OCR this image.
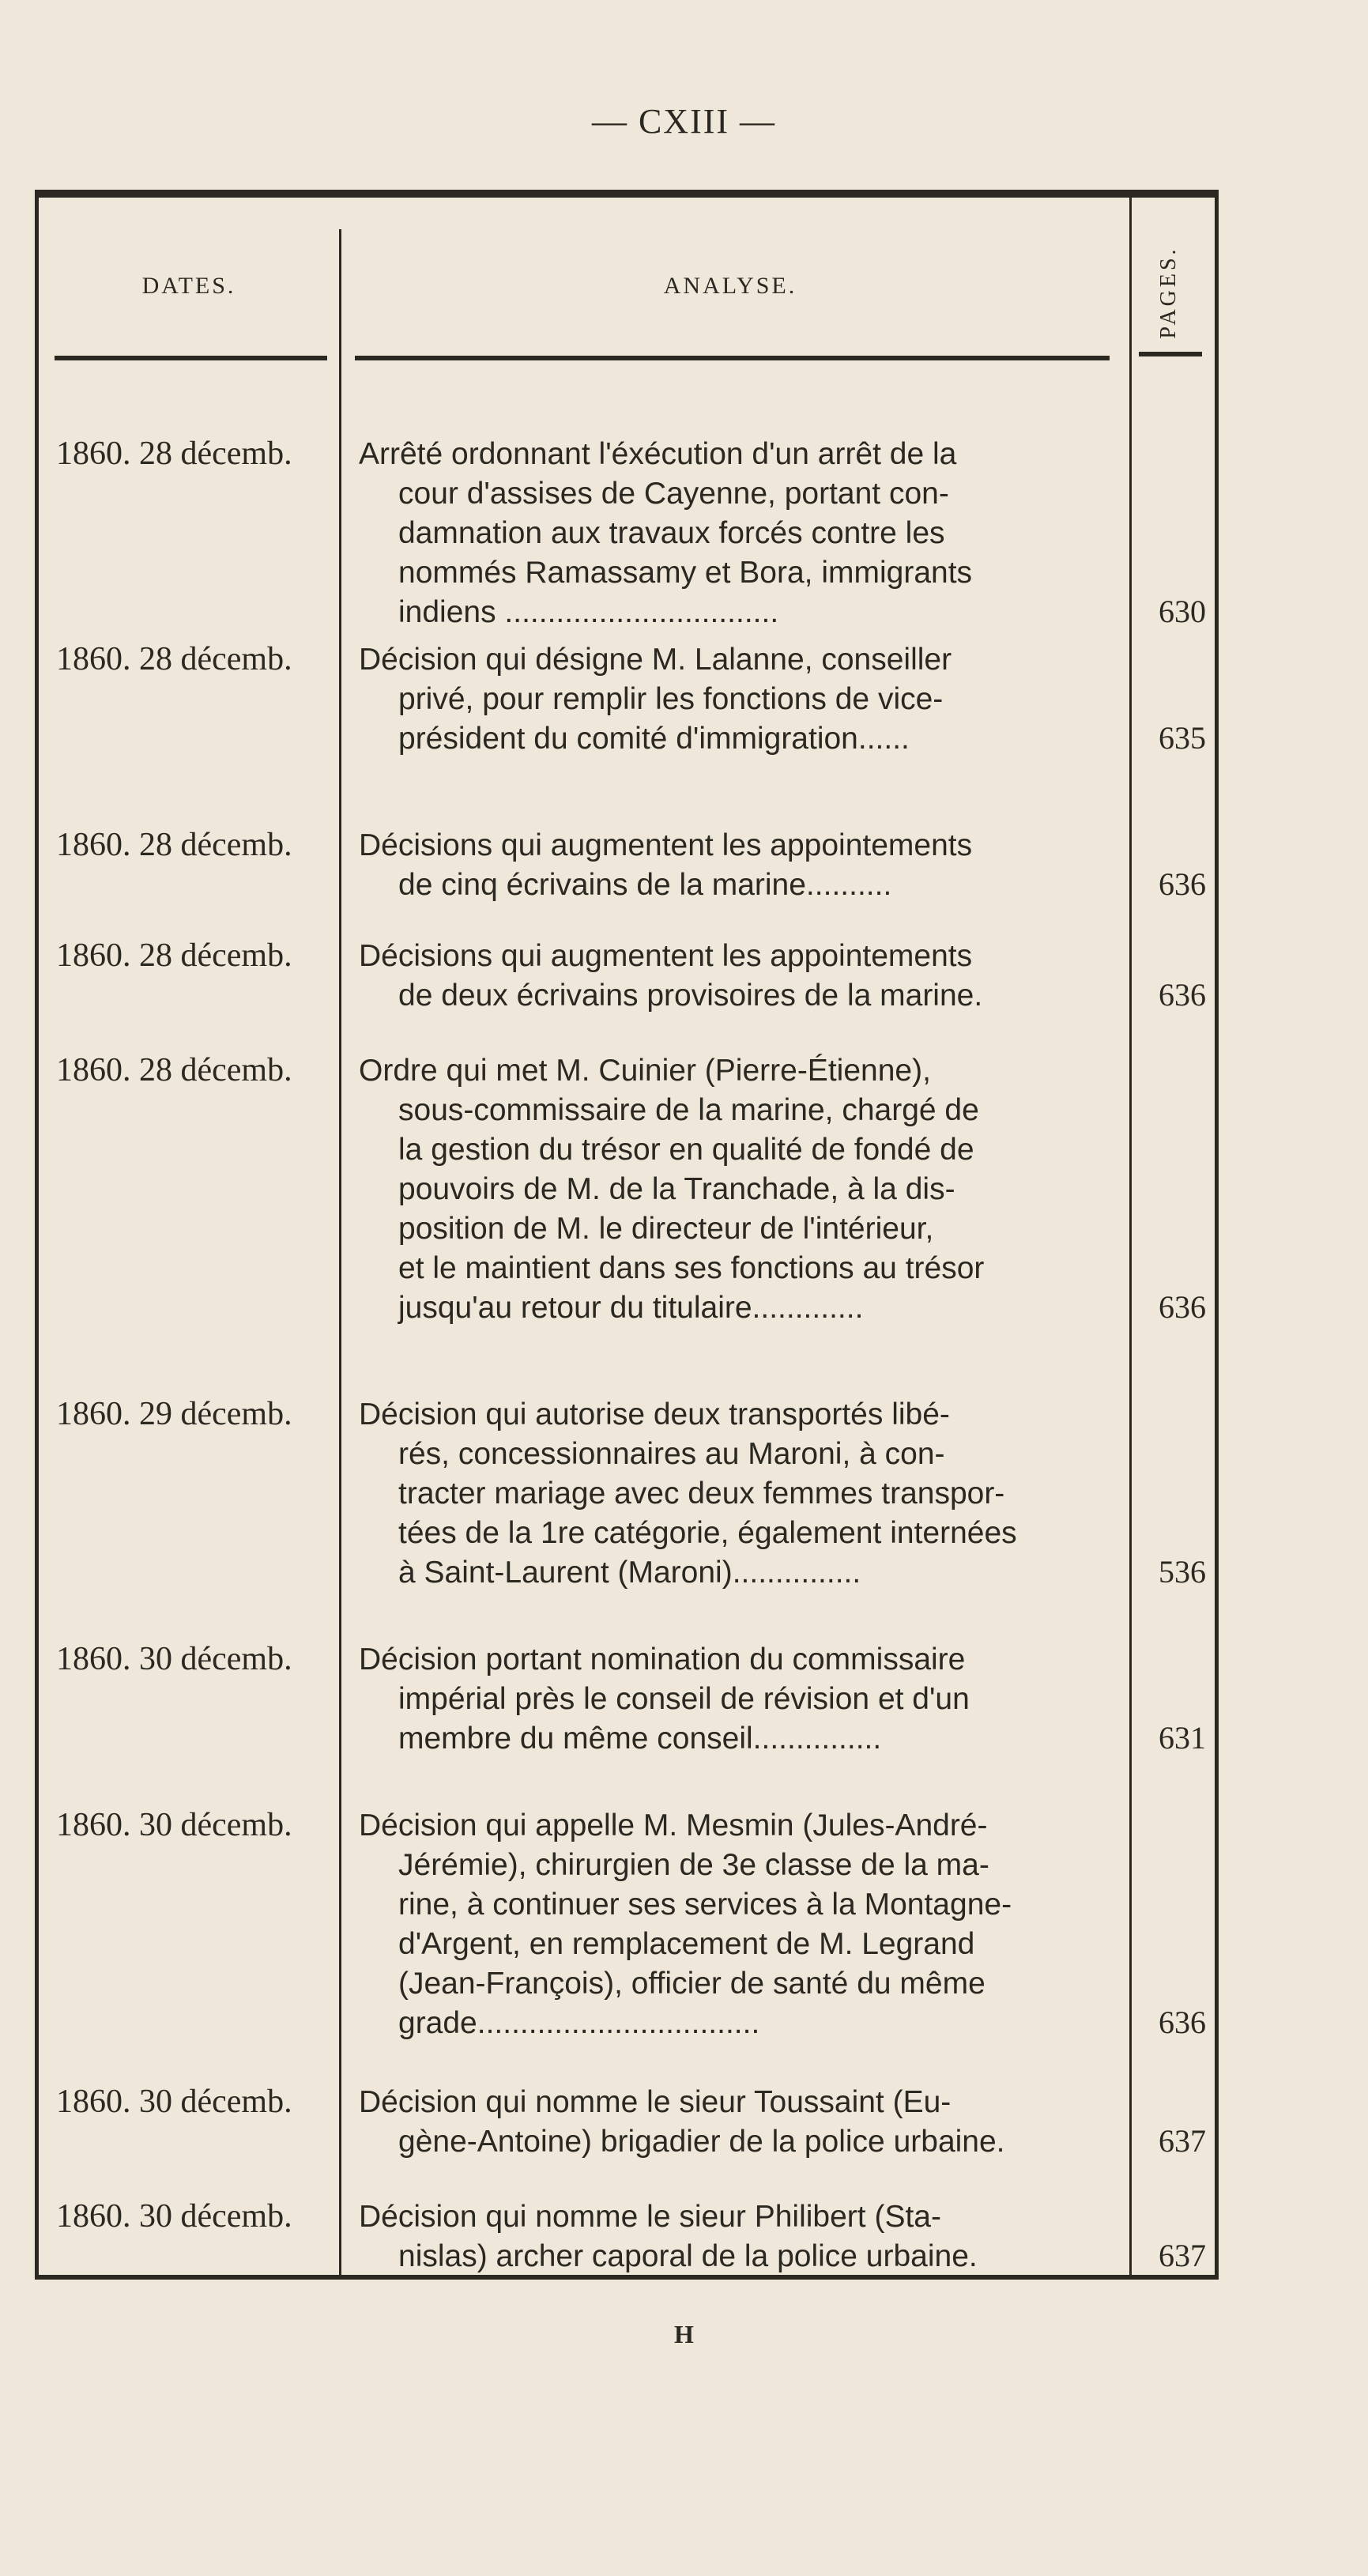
— CXIII —
DATES.	ANALYSE.	PAGES.
1860. 28 décemb. Arrêté ordonnant l'éxécution d'un arrêt de la
cour d'assises de Cayenne, portant con-
damnation aux travaux forcés contre les
nommés Ramassamy et Bora, immigrants
indiens ................................	630
1860. 28 décemb. Décision qui désigne M. Lalanne, conseiller
privé, pour remplir les fonctions de vice-
président du comité d'immigration......	635
1860. 28 décemb. Décisions qui augmentent les appointements
de cinq écrivains de la marine..........	636
1860. 28 décemb. Décisions qui augmentent les appointements
de deux écrivains provisoires de la marine.	636
1860. 28 décemb. Ordre qui met M. Cuinier (Pierre-Étienne),
sous-commissaire de la marine, chargé de
la gestion du trésor en qualité de fondé de
pouvoirs de M. de la Tranchade, à la dis-
position de M. le directeur de l'intérieur,
et le maintient dans ses fonctions au trésor
jusqu'au retour du titulaire.............	636
1860. 29 décemb. Décision qui autorise deux transportés libé-
rés, concessionnaires au Maroni, à con-
tracter mariage avec deux femmes transpor-
tées de la 1re catégorie, également internées
à Saint-Laurent (Maroni)...............	536
1860. 30 décemb. Décision portant nomination du commissaire
impérial près le conseil de révision et d'un
membre du même conseil...............	631
1860. 30 décemb. Décision qui appelle M. Mesmin (Jules-André-
Jérémie), chirurgien de 3e classe de la ma-
rine, à continuer ses services à la Montagne-
d'Argent, en remplacement de M. Legrand
(Jean-François), officier de santé du même
grade.................................	636
1860. 30 décemb. Décision qui nomme le sieur Toussaint (Eu-
gène-Antoine) brigadier de la police urbaine.	637
1860. 30 décemb. Décision qui nomme le sieur Philibert (Sta-
nislas) archer caporal de la police urbaine.	637
H
